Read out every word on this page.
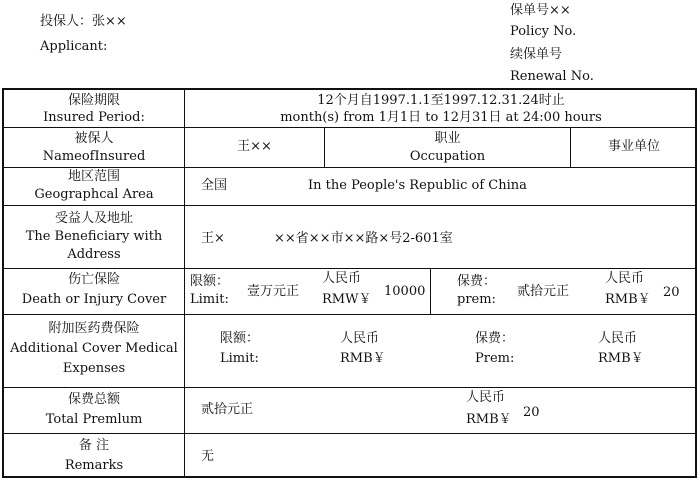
投保人：张××
Applicant:
保单号××
Policy No.
续保单号
Renewal No.
保险期限
Insured Period:
12个月自1997.1.1至1997.12.31.24时止
month(s) from 1月1日 to 12月31日 at 24:00 hours
被保人
NameofInsured
王××
职业
Occupation
事业单位
地区范围
Geographcal Area
全国	In the People's Republic of China
受益人及地址
The Beneficiary with
Address
王×	××省××市××路×号2-601室
伤亡保险
Death or Injury Cover
限额：
Limit:
壹万元正
人民币
RMW￥
10000
保费：
prem:
贰拾元正
人民币
RMB￥ 20
附加医药费保险
Additional Cover Medical
Expenses
限额：
Limit:
人民币
RMB￥
保费：
Prem:
人民币
RMB￥
保费总额
Total Premlum
贰拾元正
人民币
RMB￥ 20
备 注
Remarks
无
